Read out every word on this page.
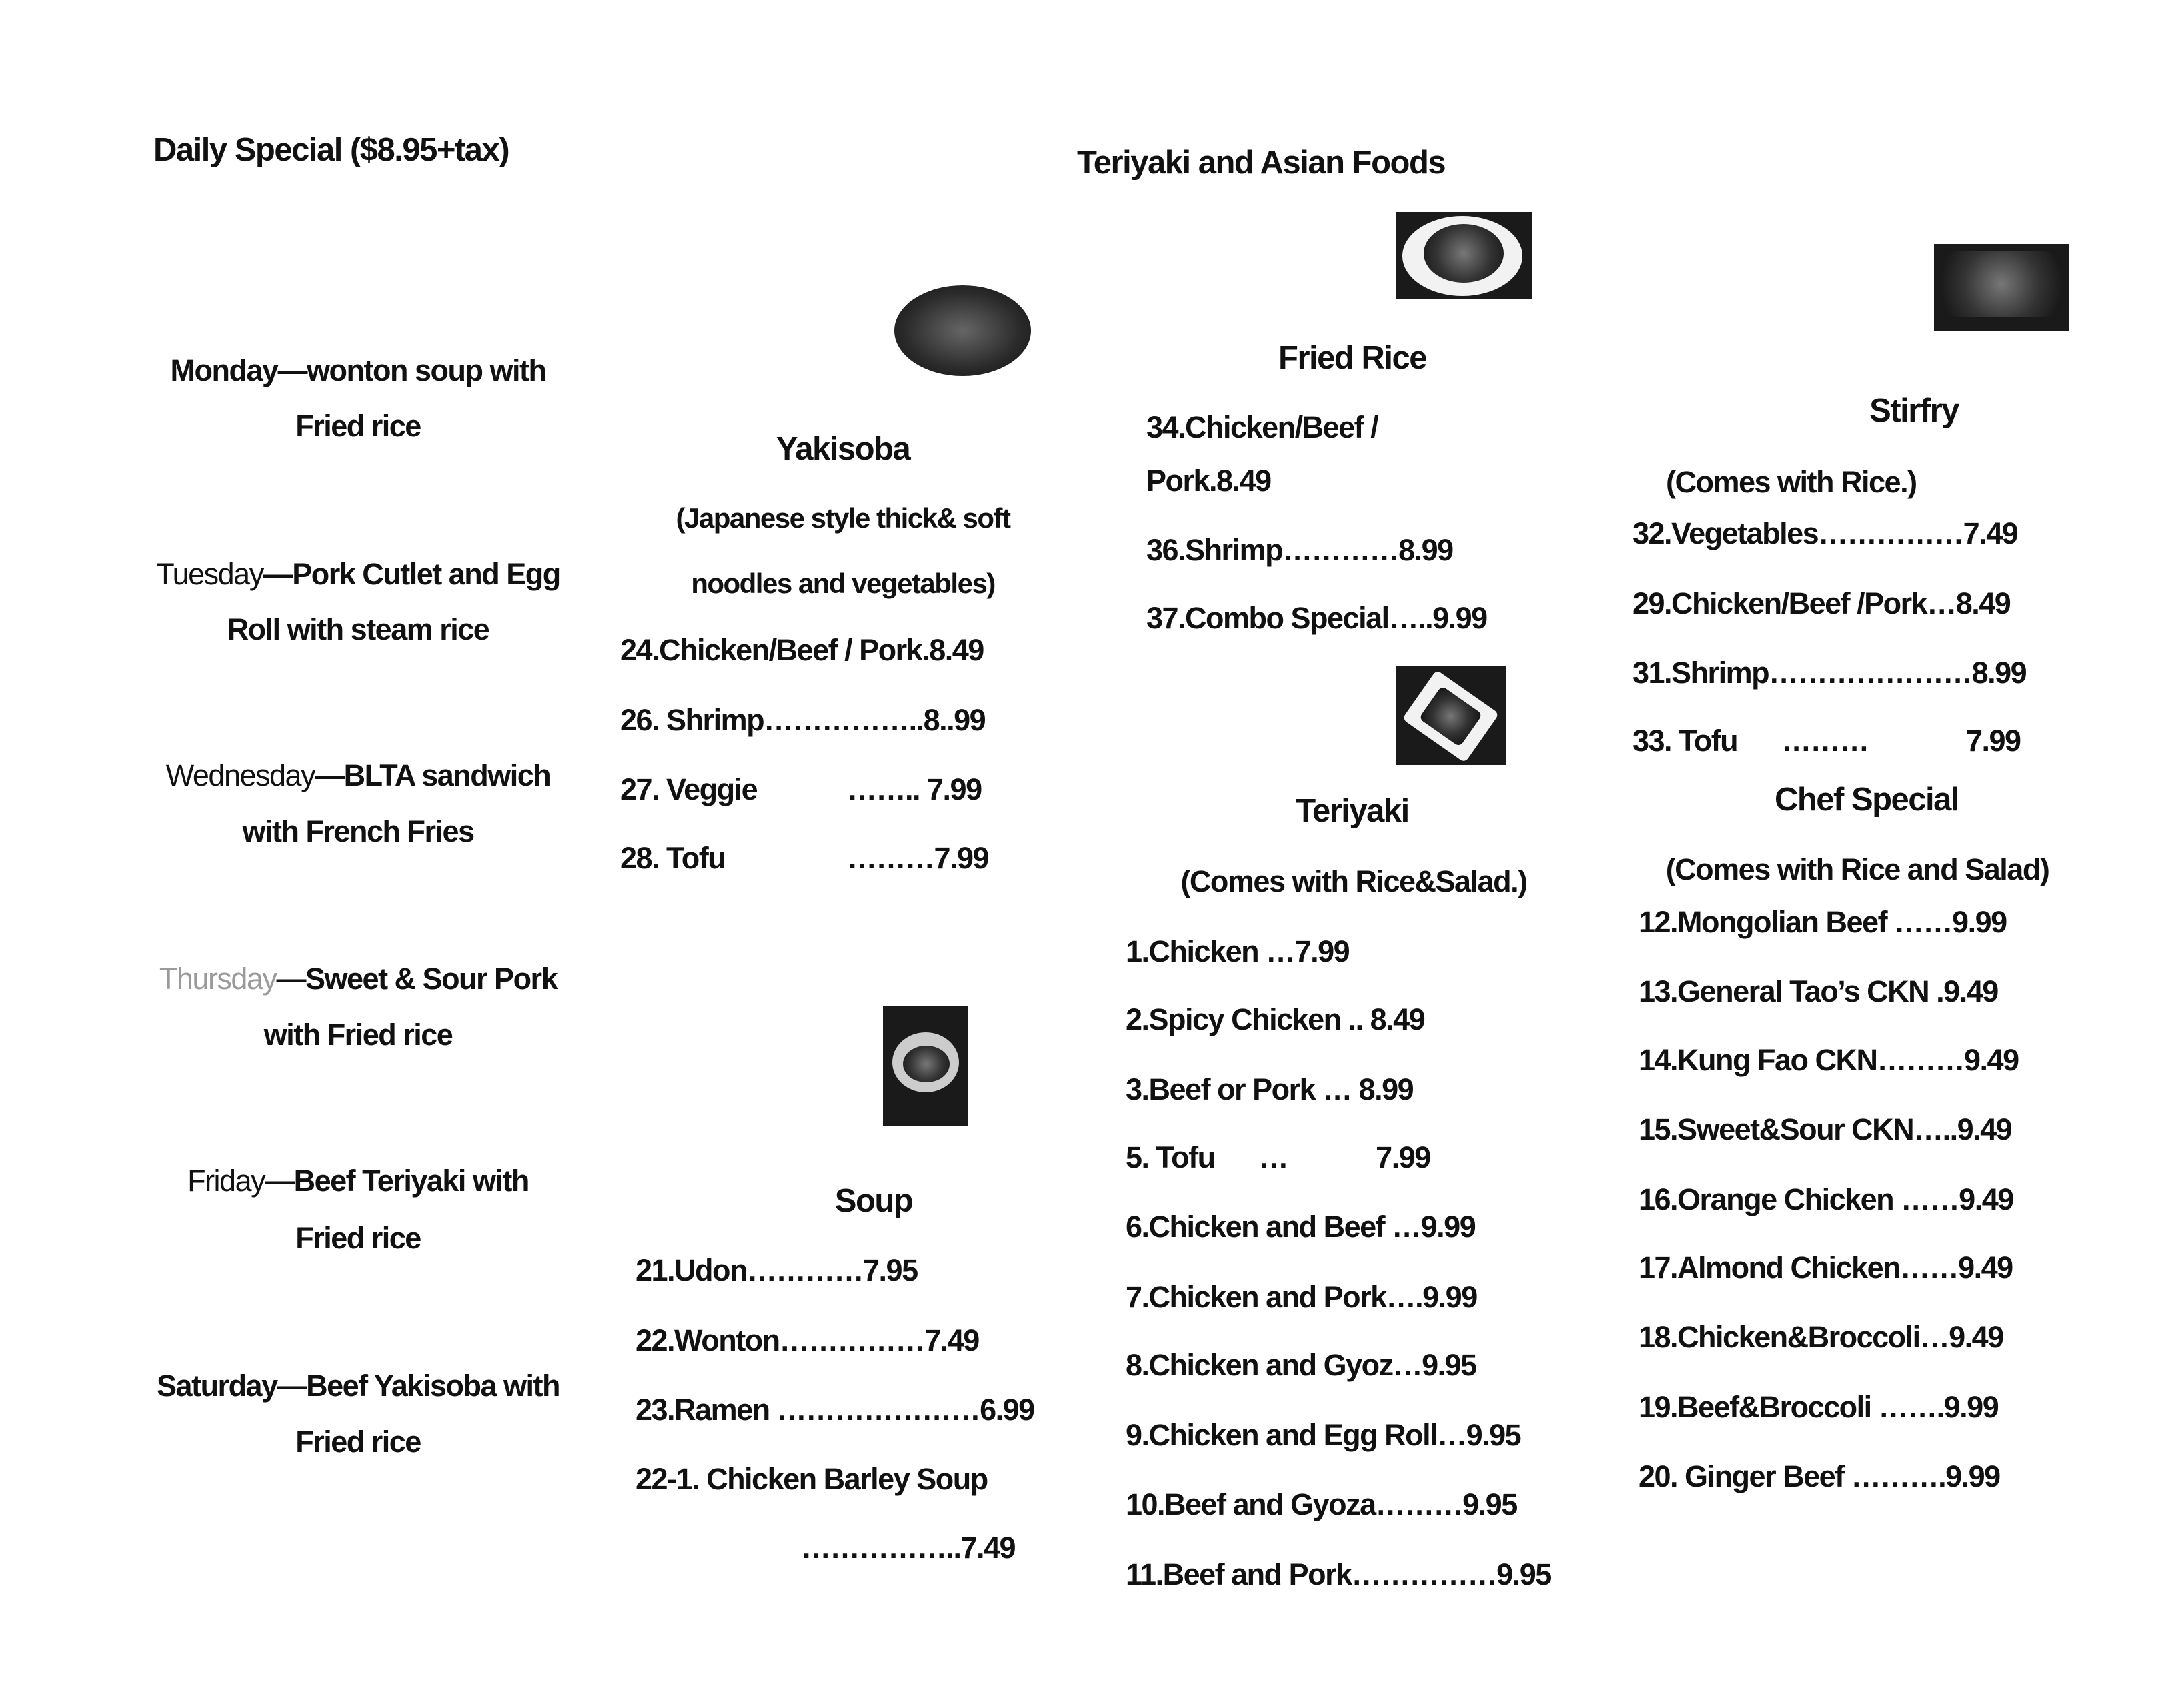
Daily Special ($8.95+tax)
Monday—wonton soup with
Fried rice
Tuesday—Pork Cutlet and Egg
Roll with steam rice
Wednesday—BLTA sandwich
with French Fries
Thursday—Sweet & Sour Pork
with Fried rice
Friday—Beef Teriyaki with
Fried rice
Saturday—Beef Yakisoba with
Fried rice
Yakisoba
(Japanese style thick& soft
noodles and vegetables)
24.Chicken/Beef / Pork.8.49
26. Shrimp……………..8..99
27. Veggie	…….. 7.99
28. Tofu	………7.99
Soup
21.Udon…………7.95
22.Wonton……………7.49
23.Ramen …………………6.99
22-1. Chicken Barley Soup
……………..7.49
Teriyaki and Asian Foods
Fried Rice
34.Chicken/Beef /
Pork.8.49
36.Shrimp…………8.99
37.Combo Special…..9.99
Teriyaki
(Comes with Rice&Salad.)
1.Chicken …7.99
2.Spicy Chicken .. 8.49
3.Beef or Pork … 8.99
5. Tofu      …            7.99
6.Chicken and Beef …9.99
7.Chicken and Pork….9.99
8.Chicken and Gyoz…9.95
9.Chicken and Egg Roll…9.95
10.Beef and Gyoza………9.95
11.Beef and Pork……………9.95
Stirfry
(Comes with Rice.)
32.Vegetables……………7.49
29.Chicken/Beef /Pork…8.49
31.Shrimp…………………8.99
33. Tofu      ………	7.99
Chef Special
(Comes with Rice and Salad)
12.Mongolian Beef ……9.99
13.General Tao’s CKN .9.49
14.Kung Fao CKN………9.49
15.Sweet&Sour CKN…..9.49
16.Orange Chicken ……9.49
17.Almond Chicken……9.49
18.Chicken&Broccoli…9.49
19.Beef&Broccoli …….9.99
20. Ginger Beef ……….9.99
